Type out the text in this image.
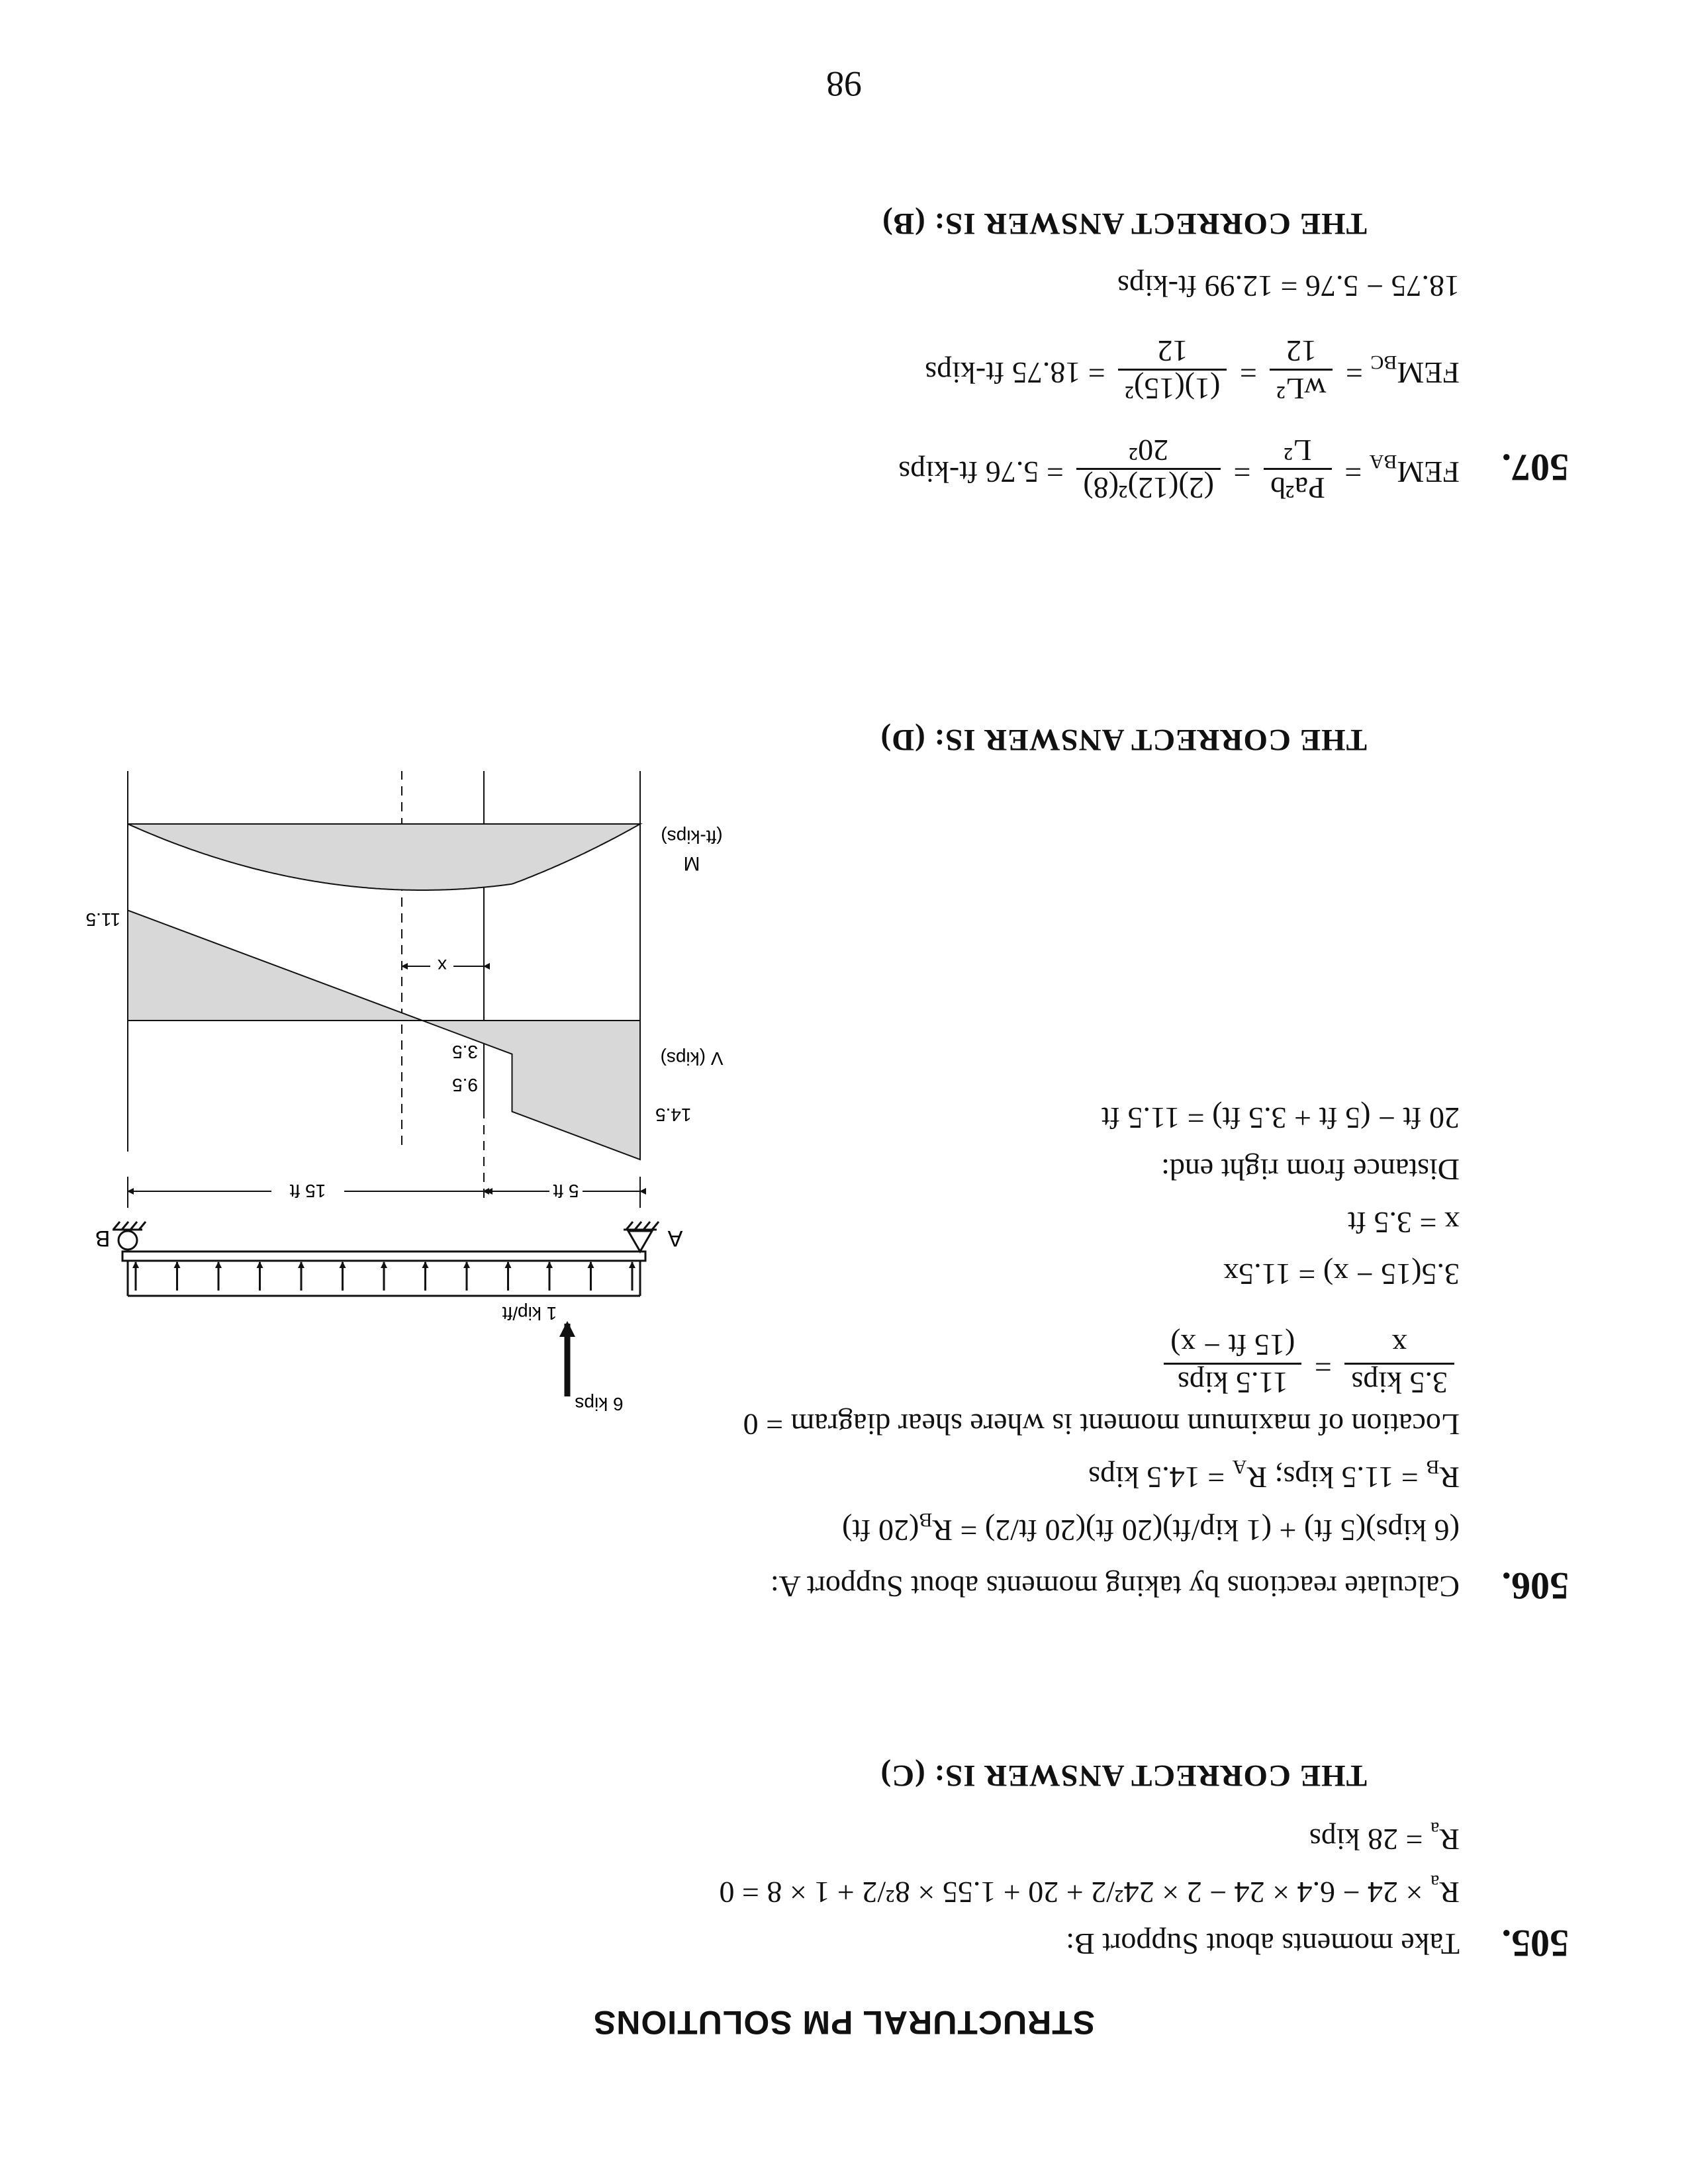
STRUCTURAL PM SOLUTIONS
505.
Take moments about Support B:
$R_a \times 24 - 6.4 \times 24 - 2 \times 24^2/2 + 20 + 1.55 \times 8^2/2 + 1 \times 8 = 0$
$R_a = 28$ kips
THE CORRECT ANSWER IS: (C)
506.
Calculate reactions by taking moments about Support A:
(6 kips)(5 ft) + (1 kip/ft)(20 ft)(20 $ft/2) = R_B(20$ ft)
$R_B = 11.5$ kips; $R_A = 14.5$ kips
Location of maximum moment is where shear diagram = 0
3.5 kips
x
=
11.5 kips
(15 ft − x)
3.5(15 − x) = 11.5x
x = 3.5 ft
Distance from right end:
20 ft − (5 ft + 3.5 ft) = 11.5 ft
THE CORRECT ANSWER IS: (D)
6 kips
1 kip/ft
A
B
5 ft
15 ft
V (kips)
14.5
9.5
3.5
11.5
x
M
(ft-kips)
507.
$FEM_{BA}$ =
Pa²b
L²
=
(2)(12)²(8)
20²
= 5.76 ft-kips
$FEM_{BC}$ =
wL²
12
=
(1)(15)²
12
= 18.75 ft-kips
18.75 − 5.76 = 12.99 ft-kips
THE CORRECT ANSWER IS: (B)
98
